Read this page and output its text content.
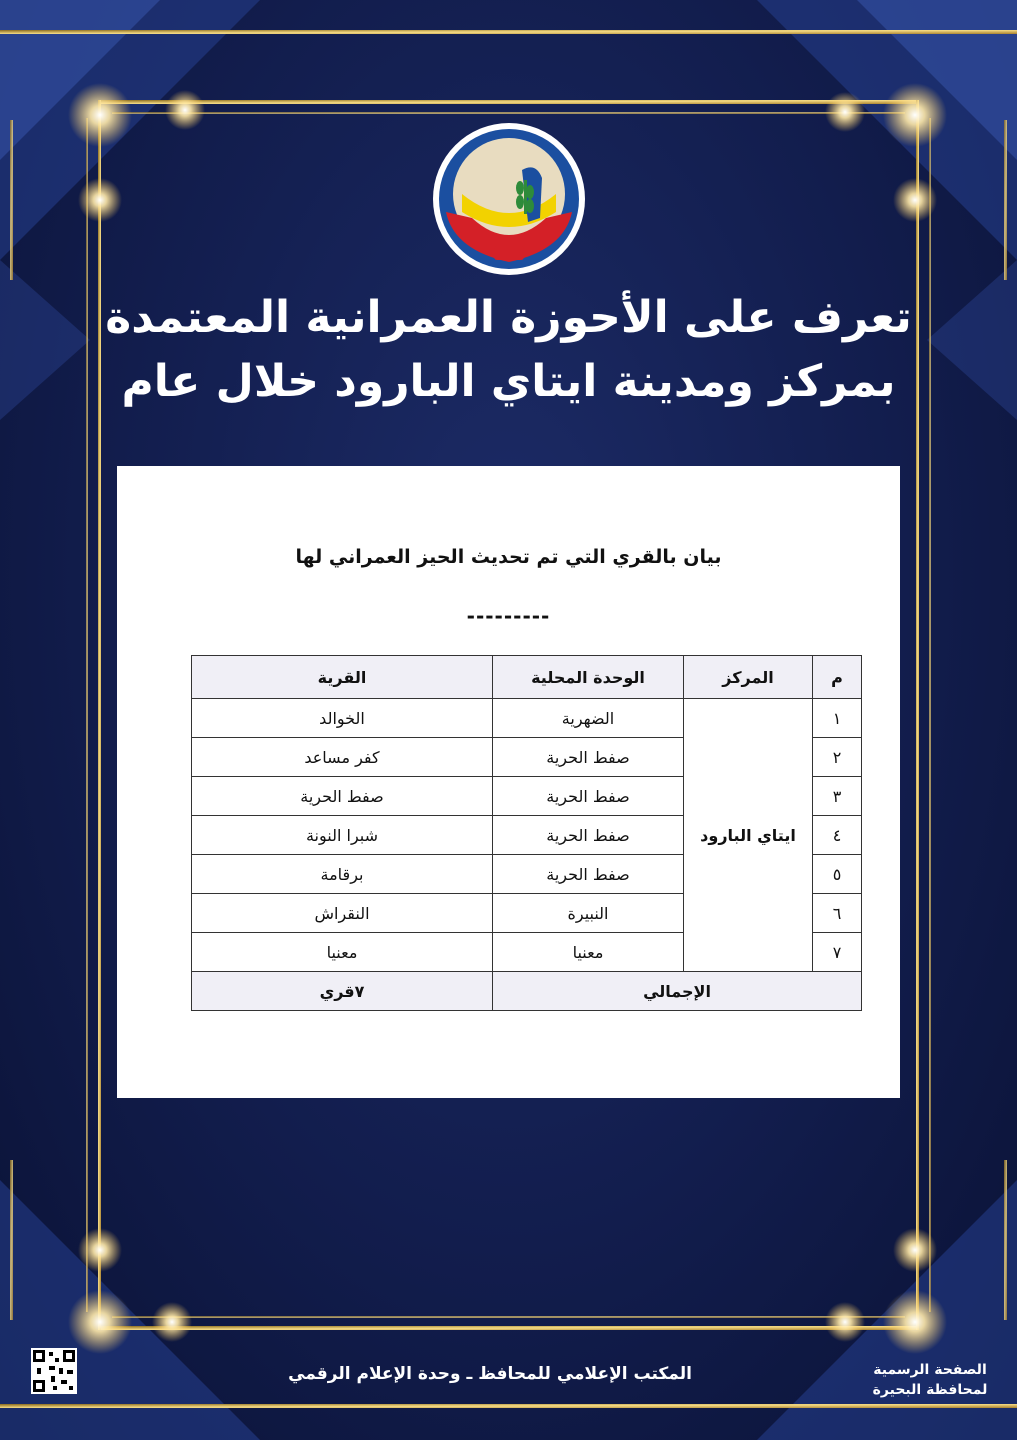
تعرف على الأحوزة العمرانية المعتمدة
بمركز ومدينة ايتاي البارود خلال عام
بيان بالقري التي تم تحديث الحيز العمراني لها
---------
م	المركز	الوحدة المحلية	القرية
١	ايتاي البارود	الضهرية	الخوالد
٢		صفط الحرية	كفر مساعد
٣		صفط الحرية	صفط الحرية
٤		صفط الحرية	شبرا النونة
٥		صفط الحرية	برقامة
٦		النبيرة	النقراش
٧		معنيا	معنيا
الإجمالي			٧قري
المكتب الإعلامي للمحافظ ـ وحدة الإعلام الرقمي	الصفحة الرسمية
لمحافظة البحيرة
